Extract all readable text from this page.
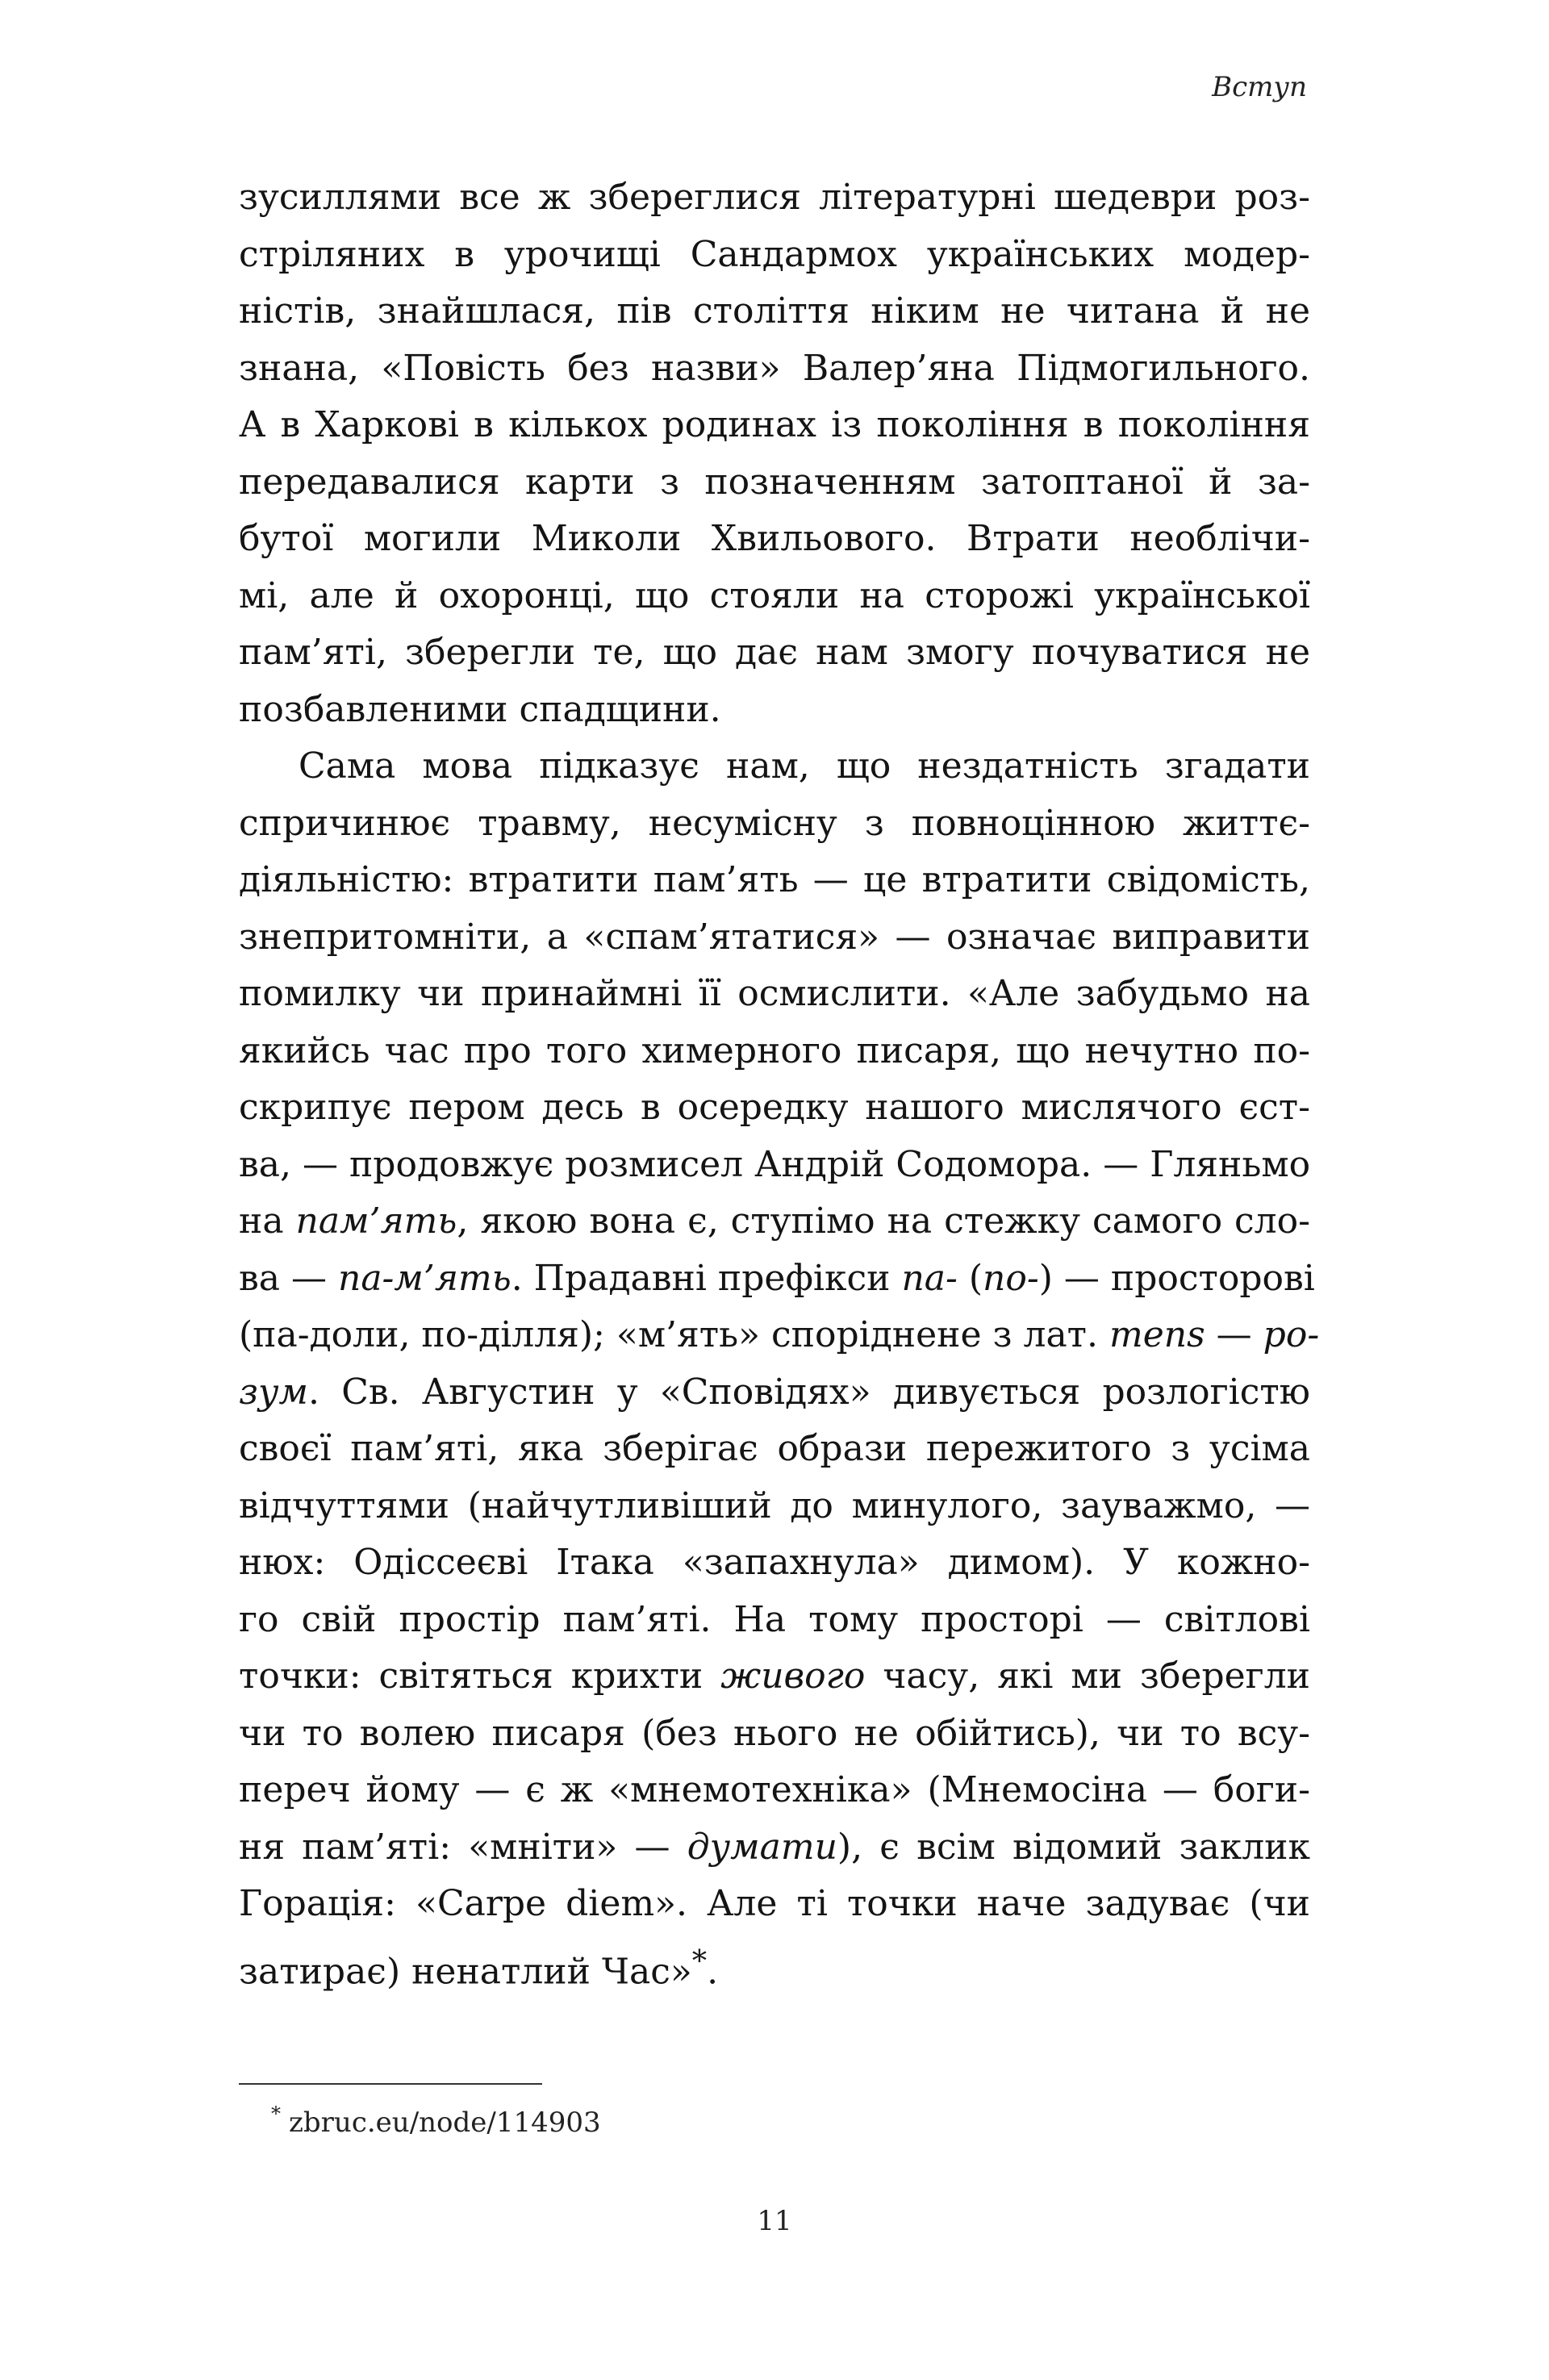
Вступ
зусиллями все ж збереглися літературні шедеври роз-
стріляних в урочищі Сандармох українських модер-
ністів, знайшлася, пів століття ніким не читана й не
знана, «Повість без назви» Валер’яна Підмогильного.
А в Харкові в кількох родинах із покоління в покоління
передавалися карти з позначенням затоптаної й за-
бутої могили Миколи Хвильового. Втрати необлічи-
мі, але й охоронці, що стояли на сторожі української
пам’яті, зберегли те, що дає нам змогу почуватися не
позбавленими спадщини.
Сама мова підказує нам, що нездатність згадати
спричинює травму, несумісну з повноцінною життє-
діяльністю: втратити пам’ять — це втратити свідомість,
знепритомніти, а «спам’ятатися» — означає виправити
помилку чи принаймні її осмислити. «Але забудьмо на
якийсь час про того химерного писаря, що нечутно по-
скрипує пером десь в осередку нашого мислячого єст-
ва, — продовжує розмисел Андрій Содомора. — Гляньмо
на пам’ять, якою вона є, ступімо на стежку самого сло-
ва — па-м’ять. Прадавні префікси па- (по-) — просторові
(па-доли, по-ділля); «м’ять» споріднене з лат. mens — ро-
зум. Св. Августин у «Сповідях» дивується розлогістю
своєї пам’яті, яка зберігає образи пережитого з усіма
відчуттями (найчутливіший до минулого, зауважмо, —
нюх: Одіссеєві Ітака «запахнула» димом). У кожно-
го свій простір пам’яті. На тому просторі — світлові
точки: світяться крихти живого часу, які ми зберегли
чи то волею писаря (без нього не обійтись), чи то всу-
переч йому — є ж «мнемотехніка» (Мнемосіна — боги-
ня пам’яті: «мніти» — думати), є всім відомий заклик
Горація: «Carpe diem». Але ті точки наче задуває (чи
затирає) ненатлий Час»*.
* zbruc.eu/node/114903
11
